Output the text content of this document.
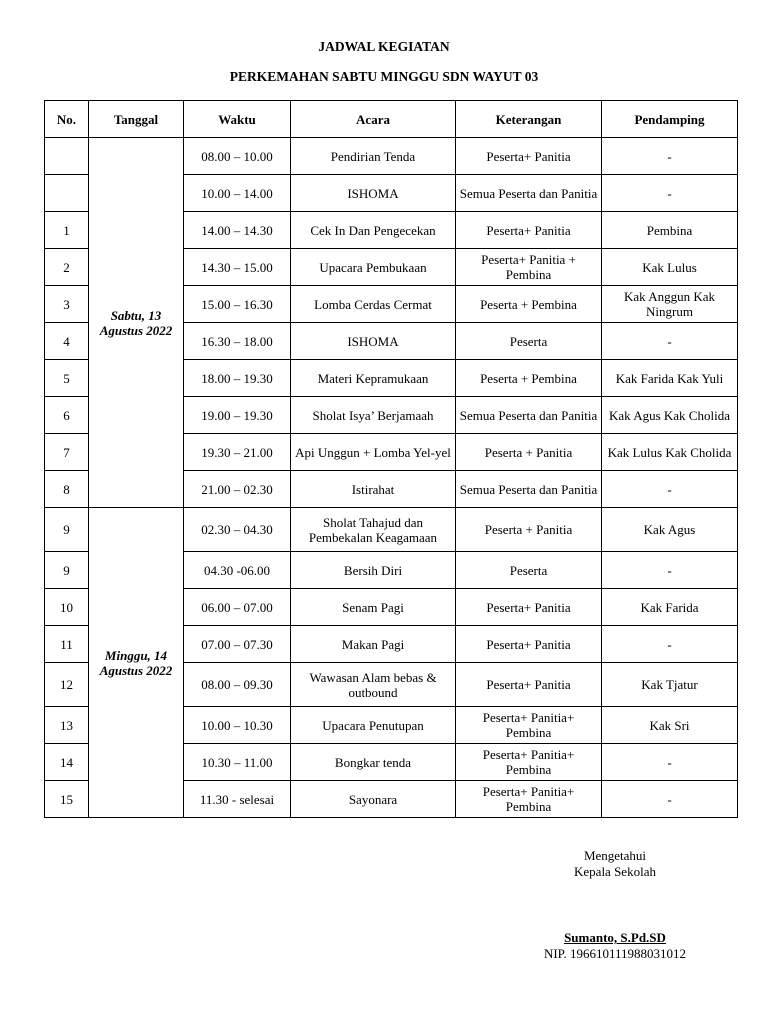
JADWAL KEGIATAN
PERKEMAHAN SABTU MINGGU SDN WAYUT 03
No.	Tanggal	Waktu	Acara	Keterangan	Pendamping
	Sabtu, 13 Agustus 2022	08.00 – 10.00	Pendirian Tenda	Peserta+ Panitia	-
		10.00 – 14.00	ISHOMA	Semua Peserta dan Panitia	-
1		14.00 – 14.30	Cek In Dan Pengecekan	Peserta+ Panitia	Pembina
2		14.30 – 15.00	Upacara Pembukaan	Peserta+ Panitia + Pembina	Kak Lulus
3		15.00 – 16.30	Lomba Cerdas Cermat	Peserta + Pembina	Kak Anggun Kak Ningrum
4		16.30 – 18.00	ISHOMA	Peserta	-
5		18.00 – 19.30	Materi Kepramukaan	Peserta + Pembina	Kak Farida Kak Yuli
6		19.00 – 19.30	Sholat Isya’ Berjamaah	Semua Peserta dan Panitia	Kak Agus Kak Cholida
7		19.30 – 21.00	Api Unggun + Lomba Yel-yel	Peserta + Panitia	Kak Lulus Kak Cholida
8		21.00 – 02.30	Istirahat	Semua Peserta dan Panitia	-
9	Minggu, 14 Agustus 2022	02.30 – 04.30	Sholat Tahajud dan Pembekalan Keagamaan	Peserta + Panitia	Kak Agus
9		04.30 -06.00	Bersih Diri	Peserta	-
10		06.00 – 07.00	Senam Pagi	Peserta+ Panitia	Kak Farida
11		07.00 – 07.30	Makan Pagi	Peserta+ Panitia	-
12		08.00 – 09.30	Wawasan Alam bebas & outbound	Peserta+ Panitia	Kak Tjatur
13		10.00 – 10.30	Upacara Penutupan	Peserta+ Panitia+ Pembina	Kak Sri
14		10.30 – 11.00	Bongkar tenda	Peserta+ Panitia+ Pembina	-
15		11.30 - selesai	Sayonara	Peserta+ Panitia+ Pembina	-
Mengetahui
Kepala Sekolah
Sumanto, S.Pd.SD
NIP. 196610111988031012
